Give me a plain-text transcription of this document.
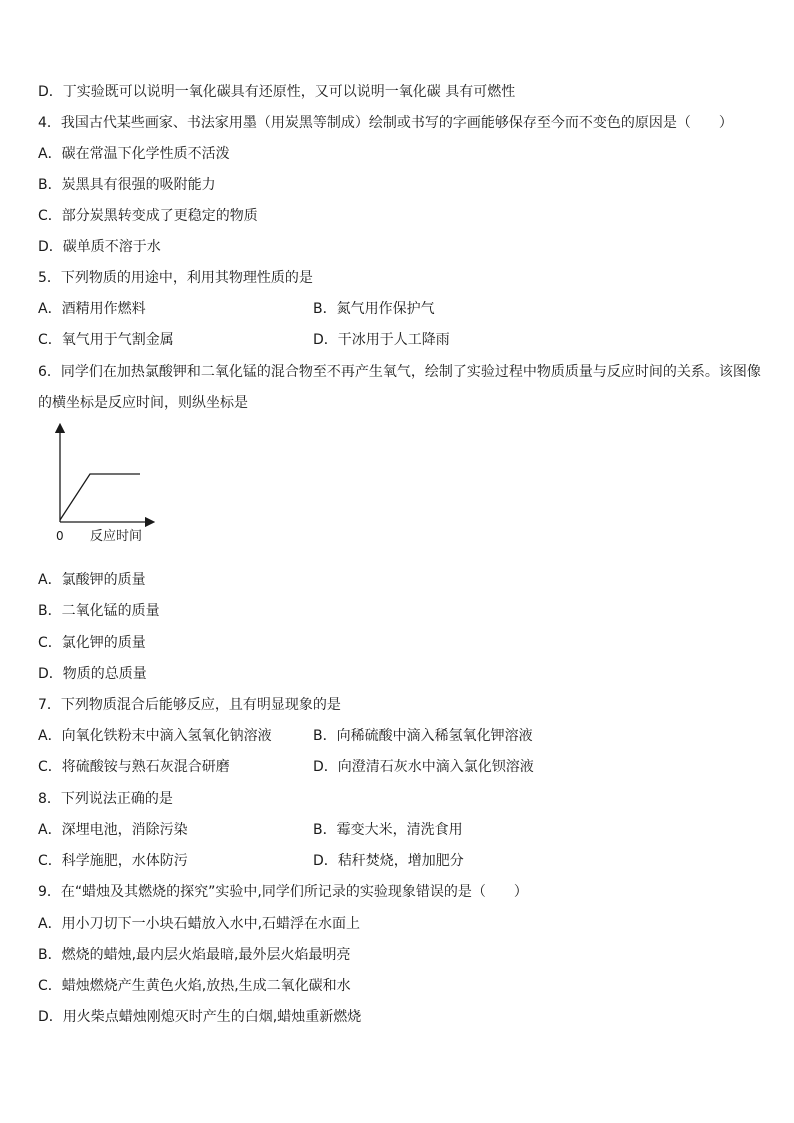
D．丁实验既可以说明一氧化碳具有还原性，又可以说明一氧化碳 具有可燃性
4．我国古代某些画家、书法家用墨（用炭黑等制成）绘制或书写的字画能够保存至今而不变色的原因是（　　）
A．碳在常温下化学性质不活泼
B．炭黑具有很强的吸附能力
C．部分炭黑转变成了更稳定的物质
D．碳单质不溶于水
5．下列物质的用途中，利用其物理性质的是
A．酒精用作燃料	B．氮气用作保护气
C．氧气用于气割金属	D．干冰用于人工降雨
6．同学们在加热氯酸钾和二氧化锰的混合物至不再产生氧气，绘制了实验过程中物质质量与反应时间的关系。该图像
的横坐标是反应时间，则纵坐标是
0 反应时间
A．氯酸钾的质量
B．二氧化锰的质量
C．氯化钾的质量
D．物质的总质量
7．下列物质混合后能够反应，且有明显现象的是
A．向氧化铁粉末中滴入氢氧化钠溶液	B．向稀硫酸中滴入稀氢氧化钾溶液
C．将硫酸铵与熟石灰混合研磨	D．向澄清石灰水中滴入氯化钡溶液
8．下列说法正确的是
A．深埋电池，消除污染	B．霉变大米，清洗食用
C．科学施肥，水体防污	D．秸秆焚烧，增加肥分
9．在“蜡烛及其燃烧的探究”实验中,同学们所记录的实验现象错误的是（　　）
A．用小刀切下一小块石蜡放入水中,石蜡浮在水面上
B．燃烧的蜡烛,最内层火焰最暗,最外层火焰最明亮
C．蜡烛燃烧产生黄色火焰,放热,生成二氧化碳和水
D．用火柴点蜡烛刚熄灭时产生的白烟,蜡烛重新燃烧
